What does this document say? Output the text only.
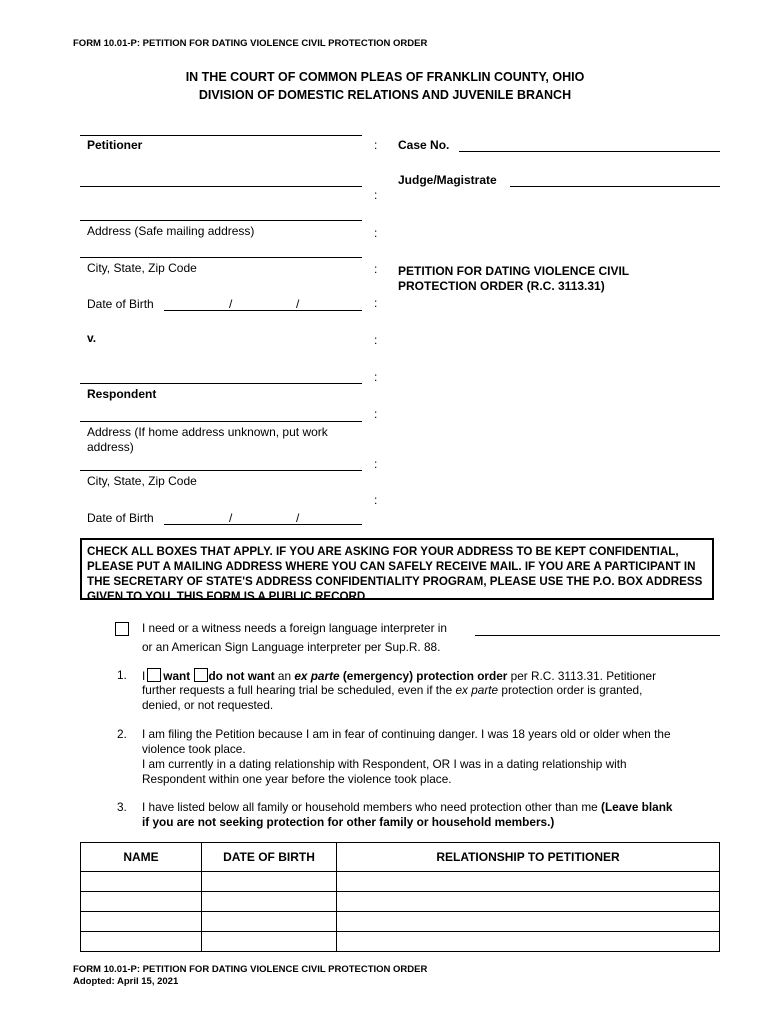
FORM 10.01-P: PETITION FOR DATING VIOLENCE CIVIL PROTECTION ORDER
IN THE COURT OF COMMON PLEAS OF FRANKLIN COUNTY, OHIO
DIVISION OF DOMESTIC RELATIONS AND JUVENILE BRANCH
Petitioner
Address (Safe mailing address)
City, State, Zip Code
Date of Birth	/	/
v.
Respondent
Address (If home address unknown, put work address)
City, State, Zip Code
Date of Birth	/	/
:
:
:
:
:
:
:
:
:
:
Case No.
Judge/Magistrate
PETITION FOR DATING VIOLENCE CIVIL PROTECTION ORDER (R.C. 3113.31)
CHECK ALL BOXES THAT APPLY. IF YOU ARE ASKING FOR YOUR ADDRESS TO BE KEPT CONFIDENTIAL, PLEASE PUT A MAILING ADDRESS WHERE YOU CAN SAFELY RECEIVE MAIL. IF YOU ARE A PARTICIPANT IN THE SECRETARY OF STATE'S ADDRESS CONFIDENTIALITY PROGRAM, PLEASE USE THE P.O. BOX ADDRESS GIVEN TO YOU. THIS FORM IS A PUBLIC RECORD.
I need or a witness needs a foreign language interpreter in
or an American Sign Language interpreter per Sup.R. 88.
1. I want do not want an ex parte (emergency) protection order per R.C. 3113.31. Petitioner
further requests a full hearing trial be scheduled, even if the ex parte protection order is granted,
denied, or not requested.
2. I am filing the Petition because I am in fear of continuing danger. I was 18 years old or older when the
violence took place.
I am currently in a dating relationship with Respondent, OR I was in a dating relationship with
Respondent within one year before the violence took place.
3. I have listed below all family or household members who need protection other than me (Leave blank
if you are not seeking protection for other family or household members.)
NAME	DATE OF BIRTH	RELATIONSHIP TO PETITIONER

FORM 10.01-P: PETITION FOR DATING VIOLENCE CIVIL PROTECTION ORDER
Adopted: April 15, 2021
